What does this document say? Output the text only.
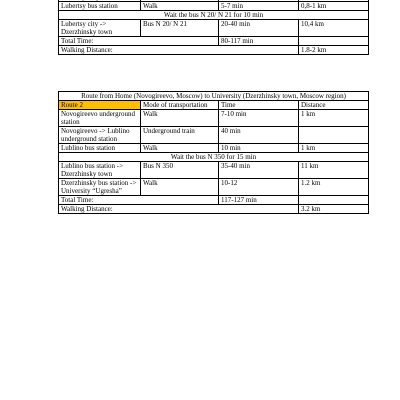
Lubertsy bus station	Walk	5-7 min	0,8-1 km
Wait the bus N 20/ N 21 for 10 min			
Lubertsy city -> Dzerzhinsky town	Bus N 20/ N 21	20-40 min	10,4 km
Total Time:		80-117 min	
Walking Distance:			1.8-2 km
Route from Home (Novogireevo, Moscow) to University (Dzerzhinsky town, Moscow region)			
Route 2	Mode of transportation	Time	Distance
Novogireevo underground station	Walk	7-10 min	1 km
Novogireevo -> Lublino underground station	Underground train	40 min	
Lublino bus station	Walk	10 min	1 km
Wait the bus N 350 for 15 min			
Lublino bus station -> Dzerzhinsky town	Bus N 350	35-40 min	11 km
Dzerzhinsky bus station -> University “Ugresha”	Walk	10-12	1.2 km
Total Time:		117-127 min	
Walking Distance:			3.2 km
